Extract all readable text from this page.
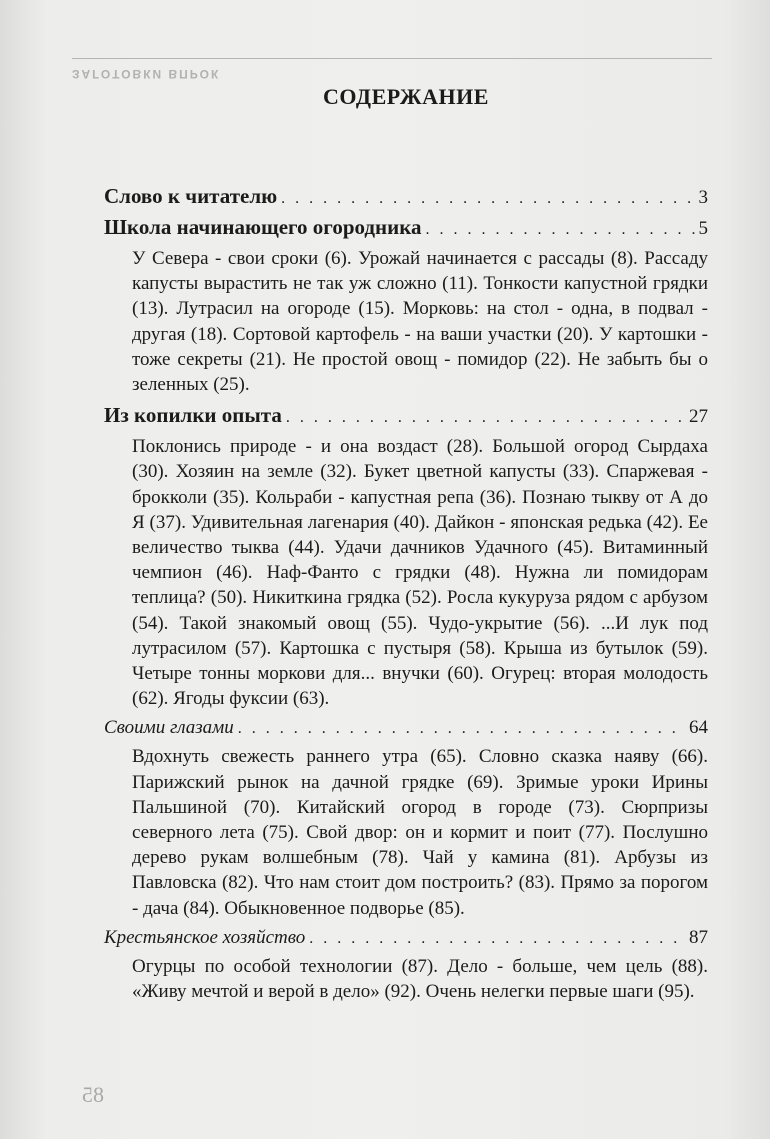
ЗАГОТОВКИ ВПРОК
СОДЕРЖАНИЕ
Слово к читателю . . .	3
Школа начинающего огородника . . .	5
У Севера - свои сроки (6). Урожай начинается с рассады (8). Рассаду капусты вырастить не так уж сложно (11). Тонкости капустной грядки (13). Лутрасил на огороде (15). Морковь: на стол - одна, в подвал - другая (18). Сортовой картофель - на ваши участки (20). У картошки - тоже секреты (21). Не простой овощ - помидор (22). Не забыть бы о зеленных (25).
Из копилки опыта . . .	27
Поклонись природе - и она воздаст (28). Большой огород Сырдаха (30). Хозяин на земле (32). Букет цветной капусты (33). Спаржевая - брокколи (35). Кольраби - капустная репа (36). Познаю тыкву от А до Я (37). Удивительная лагенария (40). Дайкон - японская редька (42). Ее величество тыква (44). Удачи дачников Удачного (45). Витаминный чемпион (46). Наф-Фанто с грядки (48). Нужна ли помидорам теплица? (50). Никиткина грядка (52). Росла кукуруза рядом с арбузом (54). Такой знакомый овощ (55). Чудо-укрытие (56). ...И лук под лутрасилом (57). Картошка с пустыря (58). Крыша из бутылок (59). Четыре тонны моркови для... внучки (60). Огурец: вторая молодость (62). Ягоды фуксии (63).
Своими глазами . . .	64
Вдохнуть свежесть раннего утра (65). Словно сказка наяву (66). Парижский рынок на дачной грядке (69). Зримые уроки Ирины Пальшиной (70). Китайский огород в городе (73). Сюрпризы северного лета (75). Свой двор: он и кормит и поит (77). Послушно дерево рукам волшебным (78). Чай у камина (81). Арбузы из Павловска (82). Что нам стоит дом построить? (83). Прямо за порогом - дача (84). Обыкновенное подворье (85).
Крестьянское хозяйство . . .	87
Огурцы по особой технологии (87). Дело - больше, чем цель (88). «Живу мечтой и верой в дело» (92). Очень нелегки первые шаги (95).
85
